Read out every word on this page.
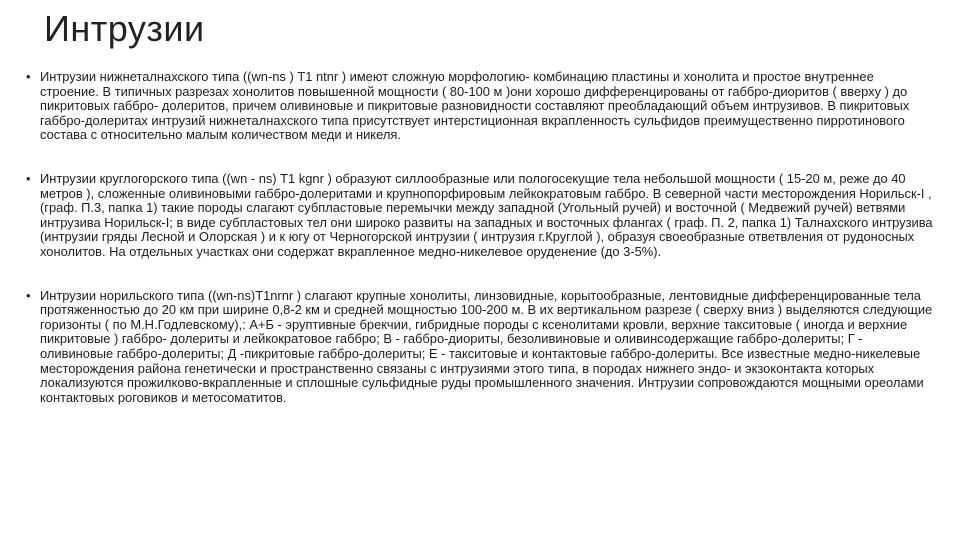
Интрузии
• Интрузии нижнеталнахского типа ((wn-ns ) T1 ntnr ) имеют сложную морфологию- комбинацию пластины и хонолита и простое внутреннее строение. В типичных разрезах хонолитов повышенной мощности ( 80-100 м )они хорошо дифференцированы от габбро-диоритов ( вверху ) до пикритовых габбро- долеритов, причем оливиновые и пикритовые разновидности составляют преобладающий объем интрузивов. В пикритовых габбро-долеритах интрузий нижнеталнахского типа присутствует интерстиционная вкрапленность сульфидов преимущественно пирротинового состава с относительно малым количеством меди и никеля.
• Интрузии круглогорского типа ((wn - ns) T1 kgnr ) образуют силлообразные или пологосекущие тела небольшой мощности ( 15-20 м, реже до 40 метров ), сложенные оливиновыми габбро-долеритами и крупнопорфировым лейкократовым габбро. В северной части месторождения Норильск-I ,(граф. П.3, папка 1) такие породы слагают субпластовые перемычки между западной (Угольный ручей) и восточной ( Медвежий ручей) ветвями интрузива Норильск-I; в виде субпластовых тел они широко развиты на западных и восточных флангах ( граф. П. 2, папка 1) Талнахского интрузива (интрузии гряды Лесной и Олорская ) и к югу от Черногорской интрузии ( интрузия г.Круглой ), образуя своеобразные ответвления от рудоносных хонолитов. На отдельных участках они содержат вкрапленное медно-никелевое оруденение (до 3-5%).
• Интрузии норильского типа ((wn-ns)T1nrnr ) слагают крупные хонолиты, линзовидные, корытообразные, лентовидные дифференцированные тела протяженностью до 20 км при ширине 0,8-2 км и средней мощностью 100-200 м. В их вертикальном разрезе ( сверху вниз ) выделяются следующие горизонты ( по М.Н.Годлевскому),: А+Б - эруптивные брекчии, гибридные породы с ксенолитами кровли, верхние такситовые ( иногда и верхние пикритовые ) габбро- долериты и лейкократовое габбро; В - габбро-диориты, безоливиновые и оливинсодержащие габбро-долериты; Г - оливиновые габбро-долериты; Д -пикритовые габбро-долериты; Е - такситовые и контактовые габбро-долериты. Все известные медно-никелевые месторождения района генетически и пространственно связаны с интрузиями этого типа, в породах нижнего эндо- и экзоконтакта которых локализуются прожилково-вкрапленные и сплошные сульфидные руды промышленного значения. Интрузии сопровождаются мощными ореолами контактовых роговиков и метосоматитов.
